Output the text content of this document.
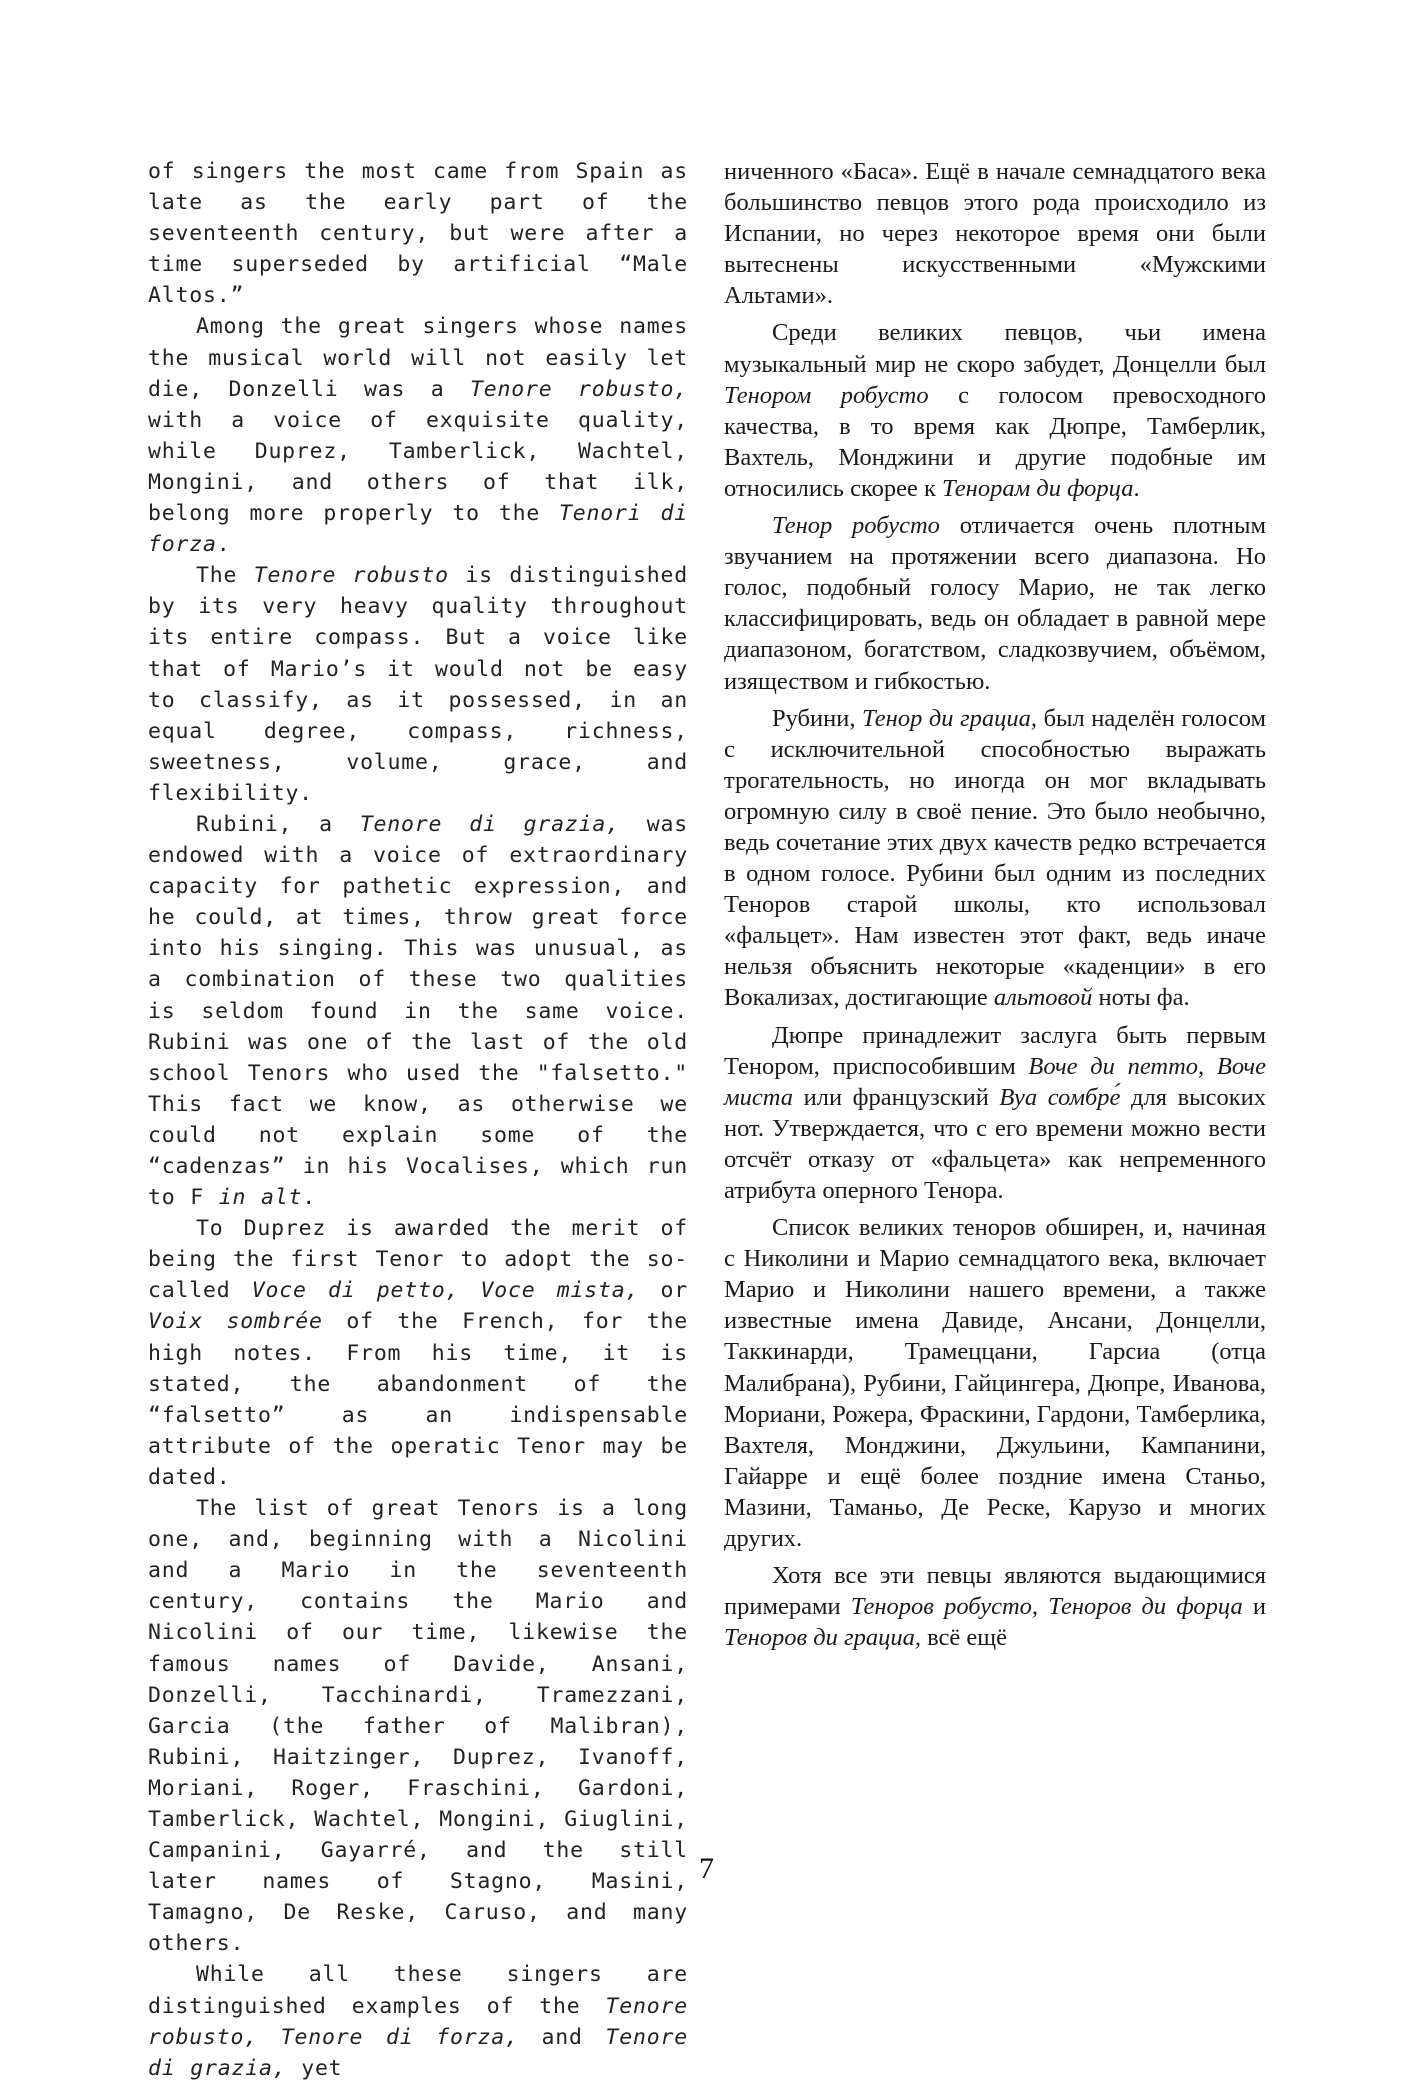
of singers the most came from Spain as late as the early part of the seventeenth century, but were after a time superseded by artificial “Male Altos.”

Among the great singers whose names the musical world will not easily let die, Donzelli was a Tenore robusto, with a voice of exquisite quality, while Duprez, Tamberlick, Wachtel, Mongini, and others of that ilk, belong more properly to the Tenori di forza.

The Tenore robusto is distinguished by its very heavy quality throughout its entire compass. But a voice like that of Mario’s it would not be easy to classify, as it possessed, in an equal degree, compass, richness, sweetness, volume, grace, and flexibility.

Rubini, a Tenore di grazia, was endowed with a voice of extraordinary capacity for pathetic expression, and he could, at times, throw great force into his singing. This was unusual, as a combination of these two qualities is seldom found in the same voice. Rubini was one of the last of the old school Tenors who used the "falsetto." This fact we know, as otherwise we could not explain some of the “cadenzas” in his Vocalises, which run to F in alt.

To Duprez is awarded the merit of being the first Tenor to adopt the so-called Voce di petto, Voce mista, or Voix sombrée of the French, for the high notes. From his time, it is stated, the abandonment of the “falsetto” as an indispensable attribute of the operatic Tenor may be dated.

The list of great Tenors is a long one, and, beginning with a Nicolini and a Mario in the seventeenth century, contains the Mario and Nicolini of our time, likewise the famous names of Davide, Ansani, Donzelli, Tacchinardi, Tramezzani, Garcia (the father of Malibran), Rubini, Haitzinger, Duprez, Ivanoff, Moriani, Roger, Fraschini, Gardoni, Tamberlick, Wachtel, Mongini, Giuglini, Campanini, Gayarré, and the still later names of Stagno, Masini, Tamagno, De Reske, Caruso, and many others.

While all these singers are distinguished examples of the Tenore robusto, Tenore di forza, and Tenore di grazia, yet

ниченного «Баса». Ещё в начале семнадцатого века большинство певцов этого рода происходило из Испании, но через некоторое время они были вытеснены искусственными «Мужскими Альтами».

Среди великих певцов, чьи имена музыкальный мир не скоро забудет, Донцелли был Тенором робусто с голосом превосходного качества, в то время как Дюпре, Тамберлик, Вахтель, Монджини и другие подобные им относились скорее к Тенорам ди форца.

Тенор робусто отличается очень плотным звучанием на протяжении всего диапазона. Но голос, подобный голосу Марио, не так легко классифицировать, ведь он обладает в равной мере диапазоном, богатством, сладкозвучием, объёмом, изяществом и гибкостью.

Рубини, Тенор ди грациа, был наделён голосом с исключительной способностью выражать трогательность, но иногда он мог вкладывать огромную силу в своё пение. Это было необычно, ведь сочетание этих двух качеств редко встречается в одном голосе. Рубини был одним из последних Теноров старой школы, кто использовал «фальцет». Нам известен этот факт, ведь иначе нельзя объяснить некоторые «каденции» в его Вокализах, достигающие альтовой ноты фа.

Дюпре принадлежит заслуга быть первым Тенором, приспособившим Воче ди петто, Воче миста или французский Вуа сомбре́ для высоких нот. Утверждается, что с его времени можно вести отсчёт отказу от «фальцета» как непременного атрибута оперного Тенора.

Список великих теноров обширен, и, начиная с Николини и Марио семнадцатого века, включает Марио и Николини нашего времени, а также известные имена Давиде, Ансани, Донцелли, Таккинарди, Трамеццани, Гарсиа (отца Малибрана), Рубини, Гайцингера, Дюпре, Иванова, Мориани, Рожера, Фраскини, Гардони, Тамберлика, Вахтеля, Монджини, Джульини, Кампанини, Гайарре и ещё более поздние имена Станьо, Мазини, Таманьо, Де Реске, Карузо и многих других.

Хотя все эти певцы являются выдающимися примерами Теноров робусто, Теноров ди форца и Теноров ди грациа, всё ещё

7
